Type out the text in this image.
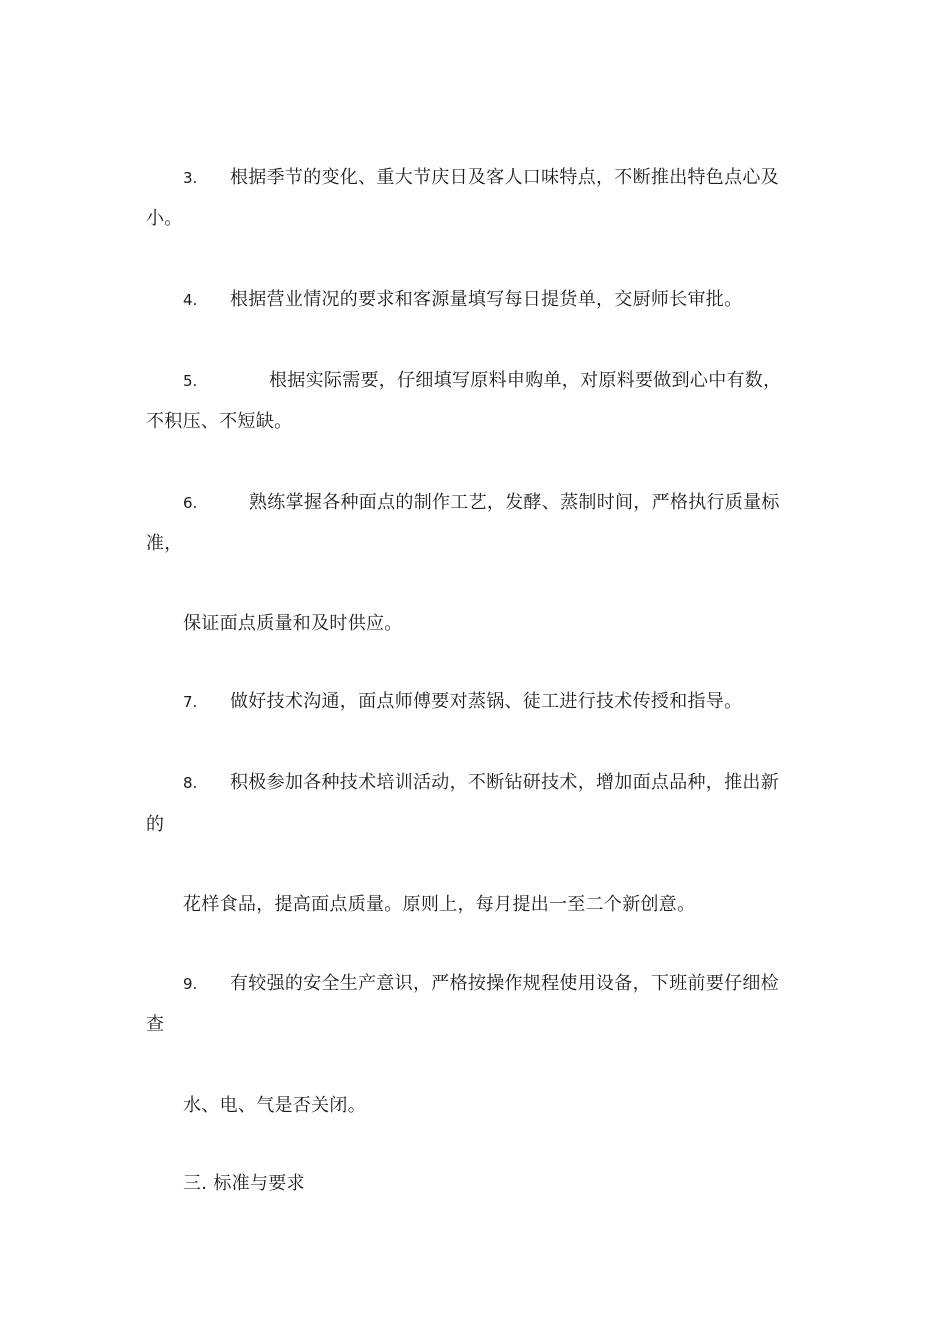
3. 根据季节的变化、重大节庆日及客人口味特点，不断推出特色点心及
小。
4. 根据营业情况的要求和客源量填写每日提货单，交厨师长审批。
5.	根据实际需要，仔细填写原料申购单，对原料要做到心中有数，
不积压、不短缺。
6.	熟练掌握各种面点的制作工艺，发酵、蒸制时间，严格执行质量标
准，
保证面点质量和及时供应。
7. 做好技术沟通，面点师傅要对蒸锅、徒工进行技术传授和指导。
8. 积极参加各种技术培训活动，不断钻研技术，增加面点品种，推出新
的
花样食品，提高面点质量。原则上，每月提出一至二个新创意。
9. 有较强的安全生产意识，严格按操作规程使用设备，下班前要仔细检
查
水、电、气是否关闭。
三. 标准与要求
